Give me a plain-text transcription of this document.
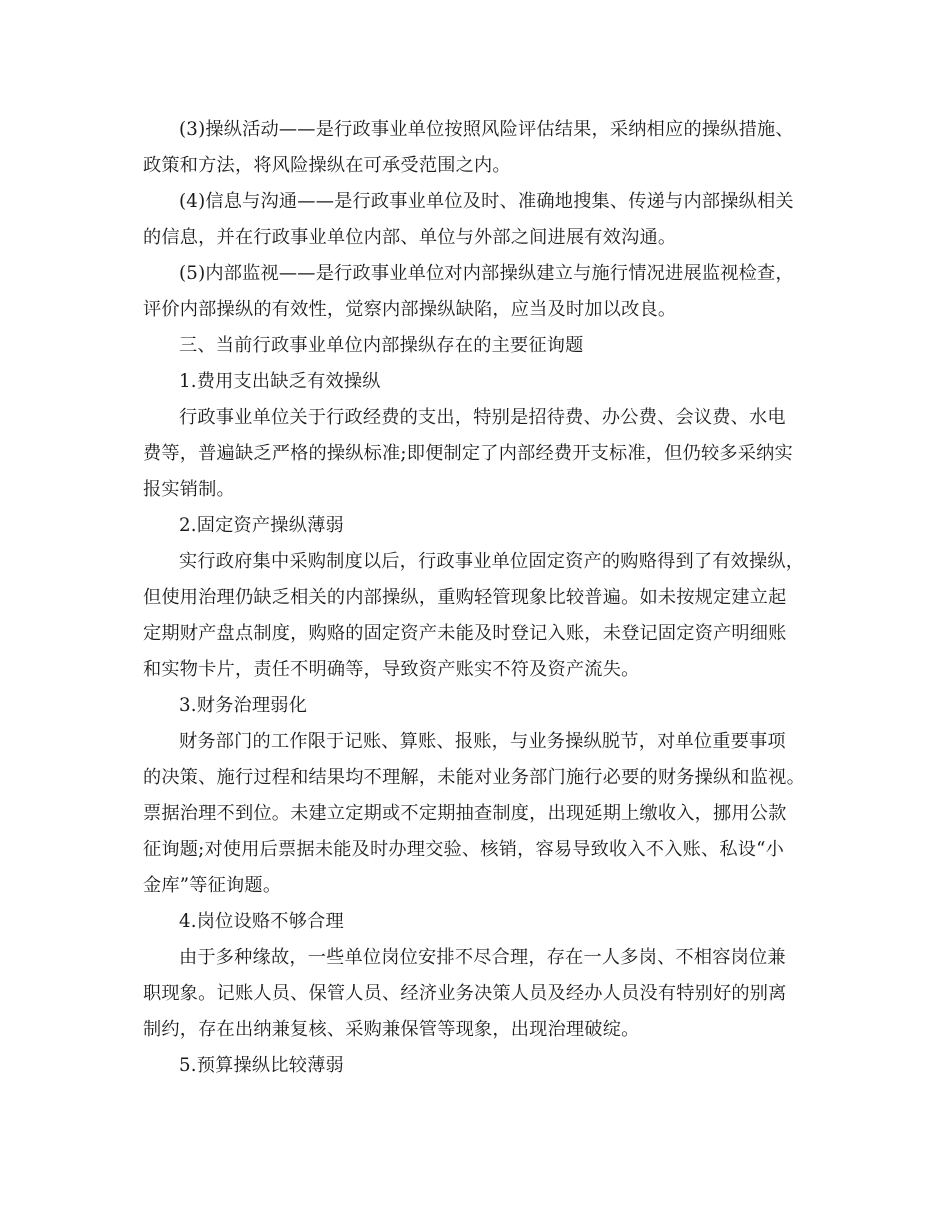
(3)操纵活动——是行政事业单位按照风险评估结果，采纳相应的操纵措施、
政策和方法，将风险操纵在可承受范围之内。
(4)信息与沟通——是行政事业单位及时、准确地搜集、传递与内部操纵相关
的信息，并在行政事业单位内部、单位与外部之间进展有效沟通。
(5)内部监视——是行政事业单位对内部操纵建立与施行情况进展监视检查，
评价内部操纵的有效性，觉察内部操纵缺陷，应当及时加以改良。
三、当前行政事业单位内部操纵存在的主要征询题
1.费用支出缺乏有效操纵
行政事业单位关于行政经费的支出，特别是招待费、办公费、会议费、水电
费等，普遍缺乏严格的操纵标准;即便制定了内部经费开支标准，但仍较多采纳实
报实销制。
2.固定资产操纵薄弱
实行政府集中采购制度以后，行政事业单位固定资产的购赂得到了有效操纵，
但使用治理仍缺乏相关的内部操纵，重购轻管现象比较普遍。如未按规定建立起
定期财产盘点制度，购赂的固定资产未能及时登记入账，未登记固定资产明细账
和实物卡片，责任不明确等，导致资产账实不符及资产流失。
3.财务治理弱化
财务部门的工作限于记账、算账、报账，与业务操纵脱节，对单位重要事项
的决策、施行过程和结果均不理解，未能对业务部门施行必要的财务操纵和监视。
票据治理不到位。未建立定期或不定期抽查制度，出现延期上缴收入，挪用公款
征询题;对使用后票据未能及时办理交验、核销，容易导致收入不入账、私设“小
金库”等征询题。
4.岗位设赂不够合理
由于多种缘故，一些单位岗位安排不尽合理，存在一人多岗、不相容岗位兼
职现象。记账人员、保管人员、经济业务决策人员及经办人员没有特别好的别离
制约，存在出纳兼复核、采购兼保管等现象，出现治理破绽。
5.预算操纵比较薄弱
